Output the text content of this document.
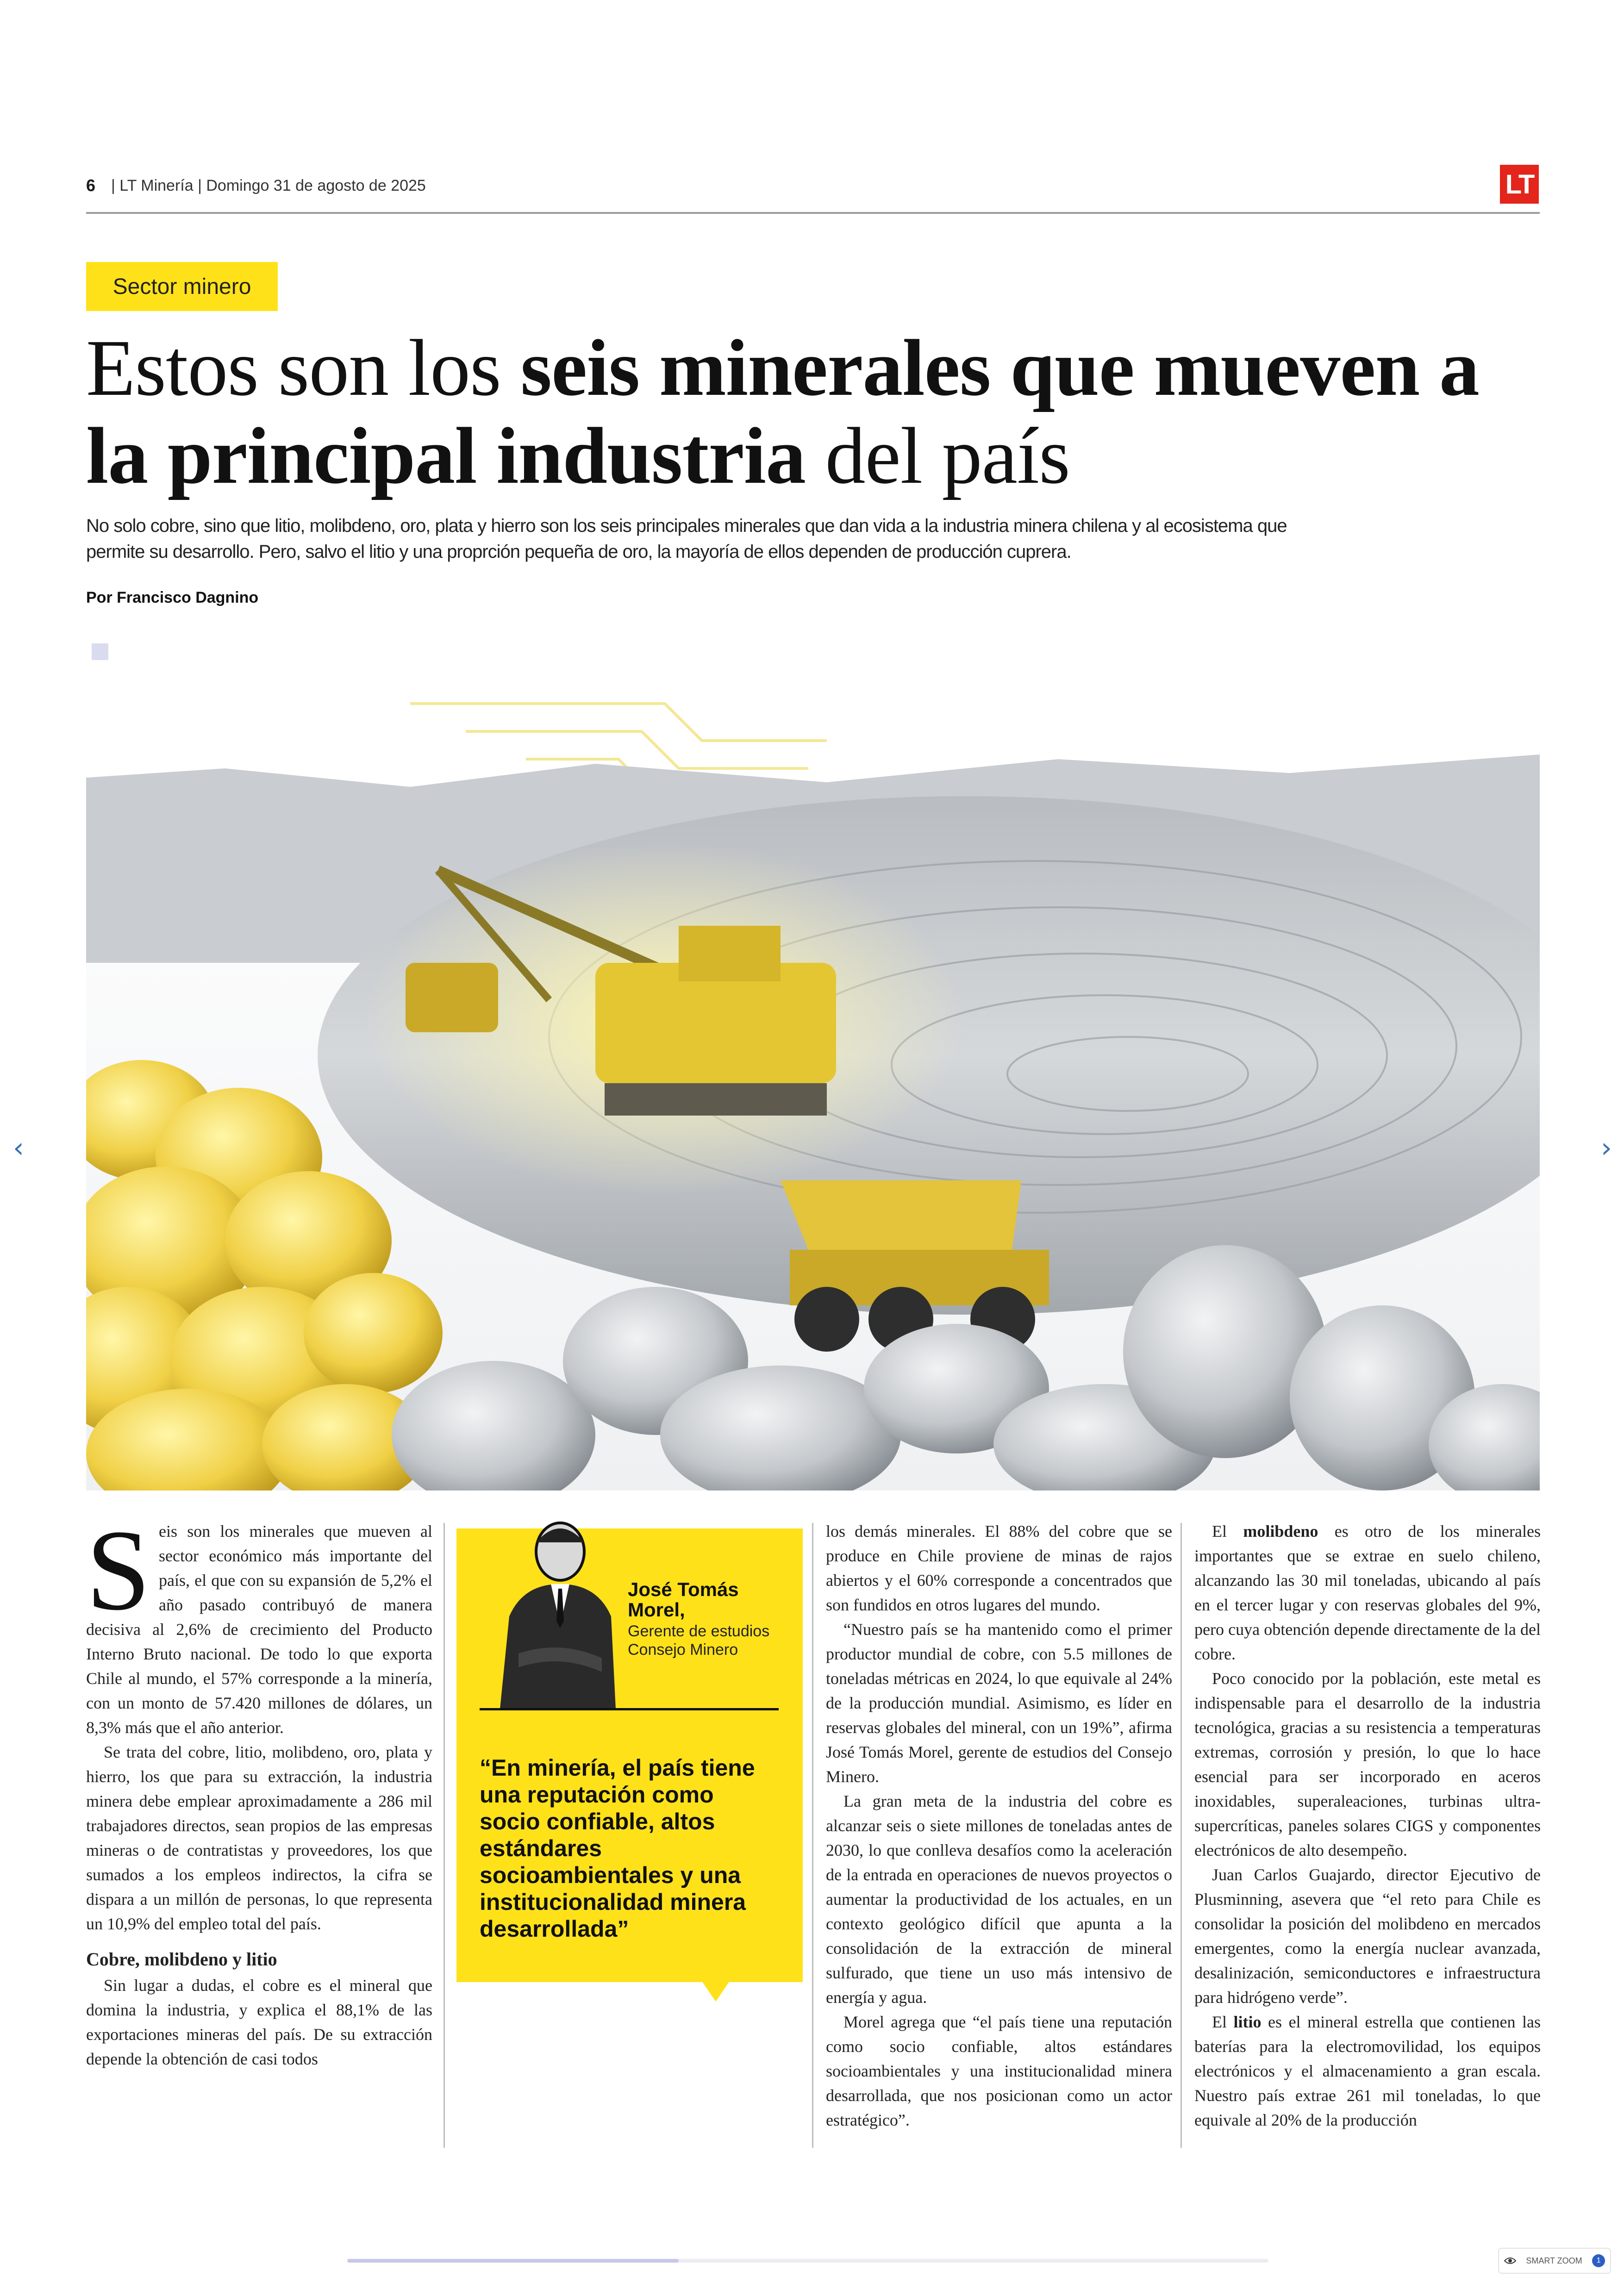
6 | LT Minería | Domingo 31 de agosto de 2025	LT
Sector minero
Estos son los seis minerales que mueven a la principal industria del país
No solo cobre, sino que litio, molibdeno, oro, plata y hierro son los seis principales minerales que dan vida a la industria minera chilena y al ecosistema que permite su desarrollo. Pero, salvo el litio y una proprción pequeña de oro, la mayoría de ellos dependen de producción cuprera.
Por Francisco Dagnino
‹	›

Seis son los minerales que mueven al sector económico más importante del país, el que con su expansión de 5,2% el año pasado contribuyó de manera decisiva al 2,6% de crecimiento del Producto Interno Bruto nacional. De todo lo que exporta Chile al mundo, el 57% corresponde a la minería, con un monto de 57.420 millones de dólares, un 8,3% más que el año anterior.

Se trata del cobre, litio, molibdeno, oro, plata y hierro, los que para su extracción, la industria minera debe emplear aproximadamente a 286 mil trabajadores directos, sean propios de las empresas mineras o de contratistas y proveedores, los que sumados a los empleos indirectos, la cifra se dispara a un millón de personas, lo que representa un 10,9% del empleo total del país.

Cobre, molibdeno y litio

Sin lugar a dudas, el cobre es el mineral que domina la industria, y explica el 88,1% de las exportaciones mineras del país. De su extracción depende la obtención de casi todos

José Tomás Morel,
Gerente de estudios Consejo Minero
“En minería, el país tiene una reputación como socio confiable, altos estándares socioambientales y una institucionalidad minera desarrollada”

los demás minerales. El 88% del cobre que se produce en Chile proviene de minas de rajos abiertos y el 60% corresponde a concentrados que son fundidos en otros lugares del mundo.

“Nuestro país se ha mantenido como el primer productor mundial de cobre, con 5.5 millones de toneladas métricas en 2024, lo que equivale al 24% de la producción mundial. Asimismo, es líder en reservas globales del mineral, con un 19%”, afirma José Tomás Morel, gerente de estudios del Consejo Minero.

La gran meta de la industria del cobre es alcanzar seis o siete millones de toneladas antes de 2030, lo que conlleva desafíos como la aceleración de la entrada en operaciones de nuevos proyectos o aumentar la productividad de los actuales, en un contexto geológico difícil que apunta a la consolidación de la extracción de mineral sulfurado, que tiene un uso más intensivo de energía y agua.

Morel agrega que “el país tiene una reputación como socio confiable, altos estándares socioambientales y una institucionalidad minera desarrollada, que nos posicionan como un actor estratégico”.

El molibdeno es otro de los minerales importantes que se extrae en suelo chileno, alcanzando las 30 mil toneladas, ubicando al país en el tercer lugar y con reservas globales del 9%, pero cuya obtención depende directamente de la del cobre.

Poco conocido por la población, este metal es indispensable para el desarrollo de la industria tecnológica, gracias a su resistencia a temperaturas extremas, corrosión y presión, lo que lo hace esencial para ser incorporado en aceros inoxidables, superaleaciones, turbinas ultra-supercríticas, paneles solares CIGS y componentes electrónicos de alto desempeño.

Juan Carlos Guajardo, director Ejecutivo de Plusminning, asevera que “el reto para Chile es consolidar la posición del molibdeno en mercados emergentes, como la energía nuclear avanzada, desalinización, semiconductores e infraestructura para hidrógeno verde”.

El litio es el mineral estrella que contienen las baterías para la electromovilidad, los equipos electrónicos y el almacenamiento a gran escala. Nuestro país extrae 261 mil toneladas, lo que equivale al 20% de la producción

SMART ZOOM	1
